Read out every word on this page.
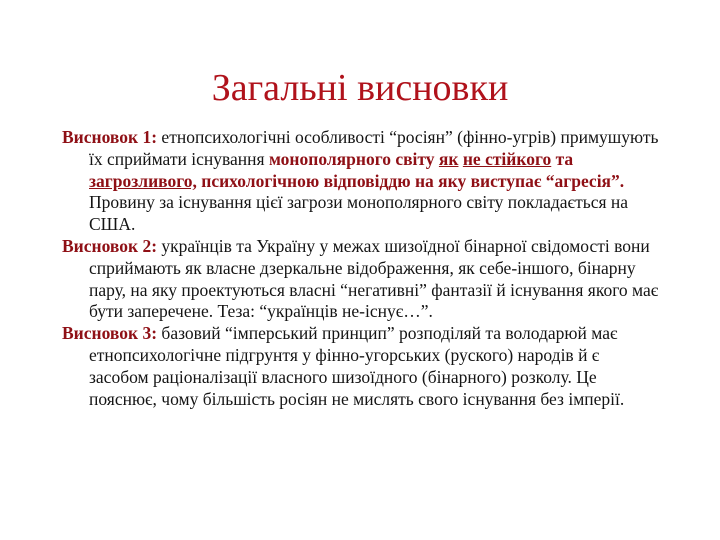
Загальні висновки

Висновок 1: етнопсихологічні особливості “росіян” (фінно-угрів) примушують їх сприймати існування монополярного світу як не стійкого та загрозливого, психологічною відповіддю на яку виступає “агресія”. Провину за існування цієї загрози монополярного світу покладається на США.

Висновок 2: українців та Україну у межах шизоїдної бінарної свідомості вони сприймають як власне дзеркальне відображення, як себе-іншого, бінарну пару, на яку проектуються власні “негативні” фантазії й існування якого має бути заперечене. Теза: “українців не-існує…”.

Висновок 3: базовий “імперський принцип” розподіляй та володарюй має етнопсихологічне підгрунтя у фінно-угорських (руского) народів й є засобом раціоналізації власного шизоїдного (бінарного) розколу. Це пояснює, чому більшість росіян не мислять свого існування без імперії.
